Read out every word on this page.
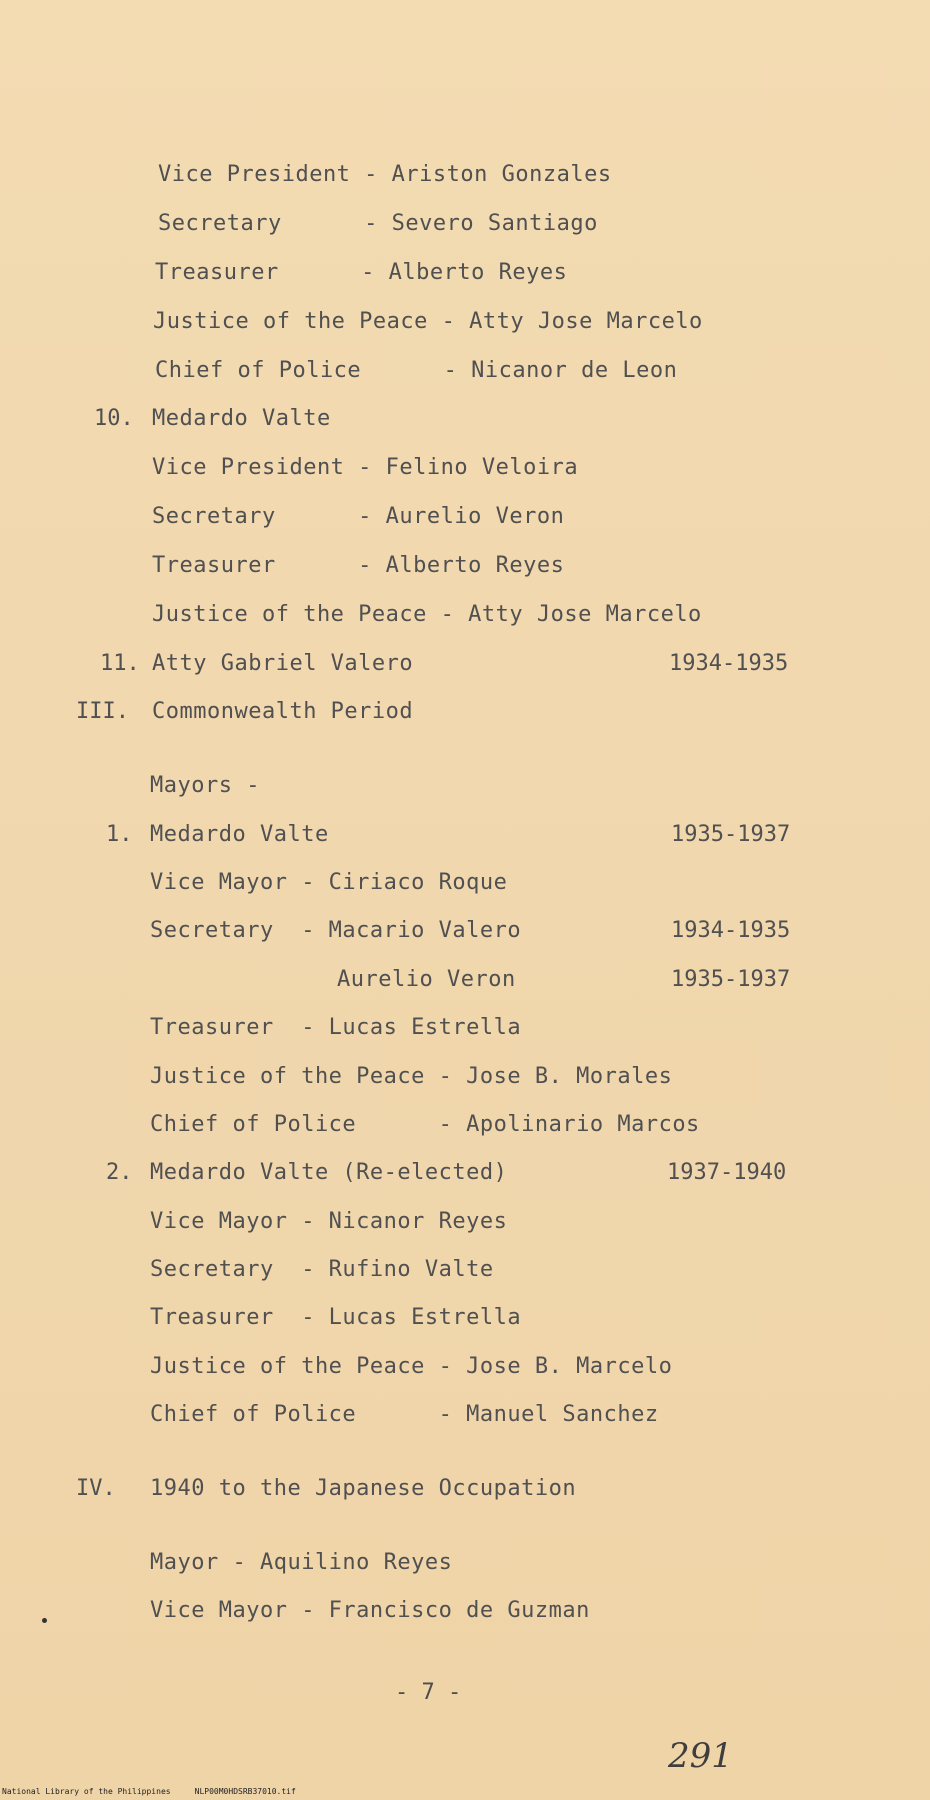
Vice President - Ariston Gonzales
Secretary      - Severo Santiago
Treasurer      - Alberto Reyes
Justice of the Peace - Atty Jose Marcelo
Chief of Police      - Nicanor de Leon
10. Medardo Valte
Vice President - Felino Veloira
Secretary      - Aurelio Veron
Treasurer      - Alberto Reyes
Justice of the Peace - Atty Jose Marcelo
11. Atty Gabriel Valero	1934-1935
III. Commonwealth Period
Mayors -
1. Medardo Valte	1935-1937
Vice Mayor - Ciriaco Roque
Secretary  - Macario Valero	1934-1935
Aurelio Veron	1935-1937
Treasurer  - Lucas Estrella
Justice of the Peace - Jose B. Morales
Chief of Police      - Apolinario Marcos
2. Medardo Valte (Re-elected)	1937-1940
Vice Mayor - Nicanor Reyes
Secretary  - Rufino Valte
Treasurer  - Lucas Estrella
Justice of the Peace - Jose B. Marcelo
Chief of Police      - Manuel Sanchez
IV. 1940 to the Japanese Occupation
Mayor - Aquilino Reyes
Vice Mayor - Francisco de Guzman
- 7 -
291
National Library of the Philippines     NLP00M0HDSRB37010.tif
